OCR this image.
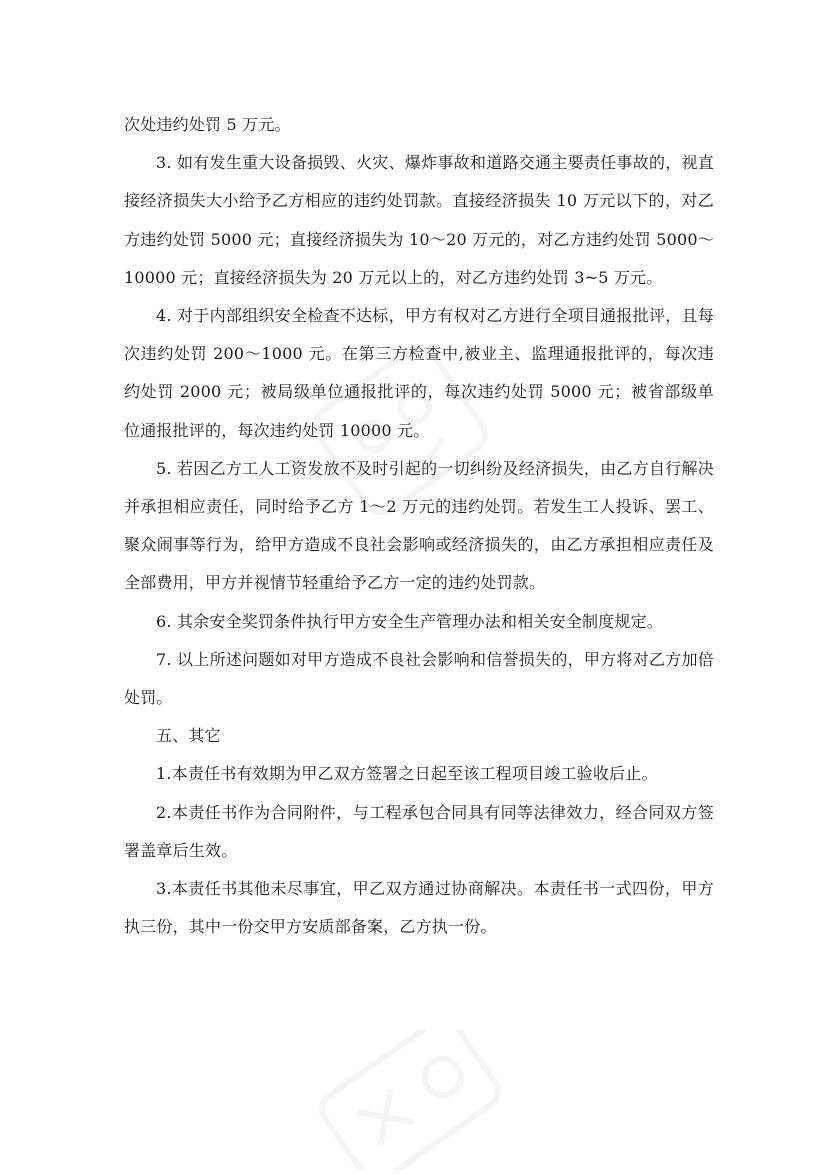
次处违约处罚 5 万元。

3. 如有发生重大设备损毁、火灾、爆炸事故和道路交通主要责任事故的，视直接经济损失大小给予乙方相应的违约处罚款。直接经济损失 10 万元以下的，对乙方违约处罚 5000 元；直接经济损失为 10～20 万元的，对乙方违约处罚 5000～10000 元；直接经济损失为 20 万元以上的，对乙方违约处罚 3~5 万元。

4. 对于内部组织安全检查不达标，甲方有权对乙方进行全项目通报批评，且每次违约处罚 200～1000 元。在第三方检查中,被业主、监理通报批评的，每次违约处罚 2000 元；被局级单位通报批评的，每次违约处罚 5000 元；被省部级单位通报批评的，每次违约处罚 10000 元。

5. 若因乙方工人工资发放不及时引起的一切纠纷及经济损失，由乙方自行解决并承担相应责任，同时给予乙方 1～2 万元的违约处罚。若发生工人投诉、罢工、聚众闹事等行为，给甲方造成不良社会影响或经济损失的，由乙方承担相应责任及全部费用，甲方并视情节轻重给予乙方一定的违约处罚款。

6. 其余安全奖罚条件执行甲方安全生产管理办法和相关安全制度规定。

7. 以上所述问题如对甲方造成不良社会影响和信誉损失的，甲方将对乙方加倍处罚。

五、其它

1.本责任书有效期为甲乙双方签署之日起至该工程项目竣工验收后止。

2.本责任书作为合同附件，与工程承包合同具有同等法律效力，经合同双方签署盖章后生效。

3.本责任书其他未尽事宜，甲乙双方通过协商解决。本责任书一式四份，甲方执三份，其中一份交甲方安质部备案，乙方执一份。
